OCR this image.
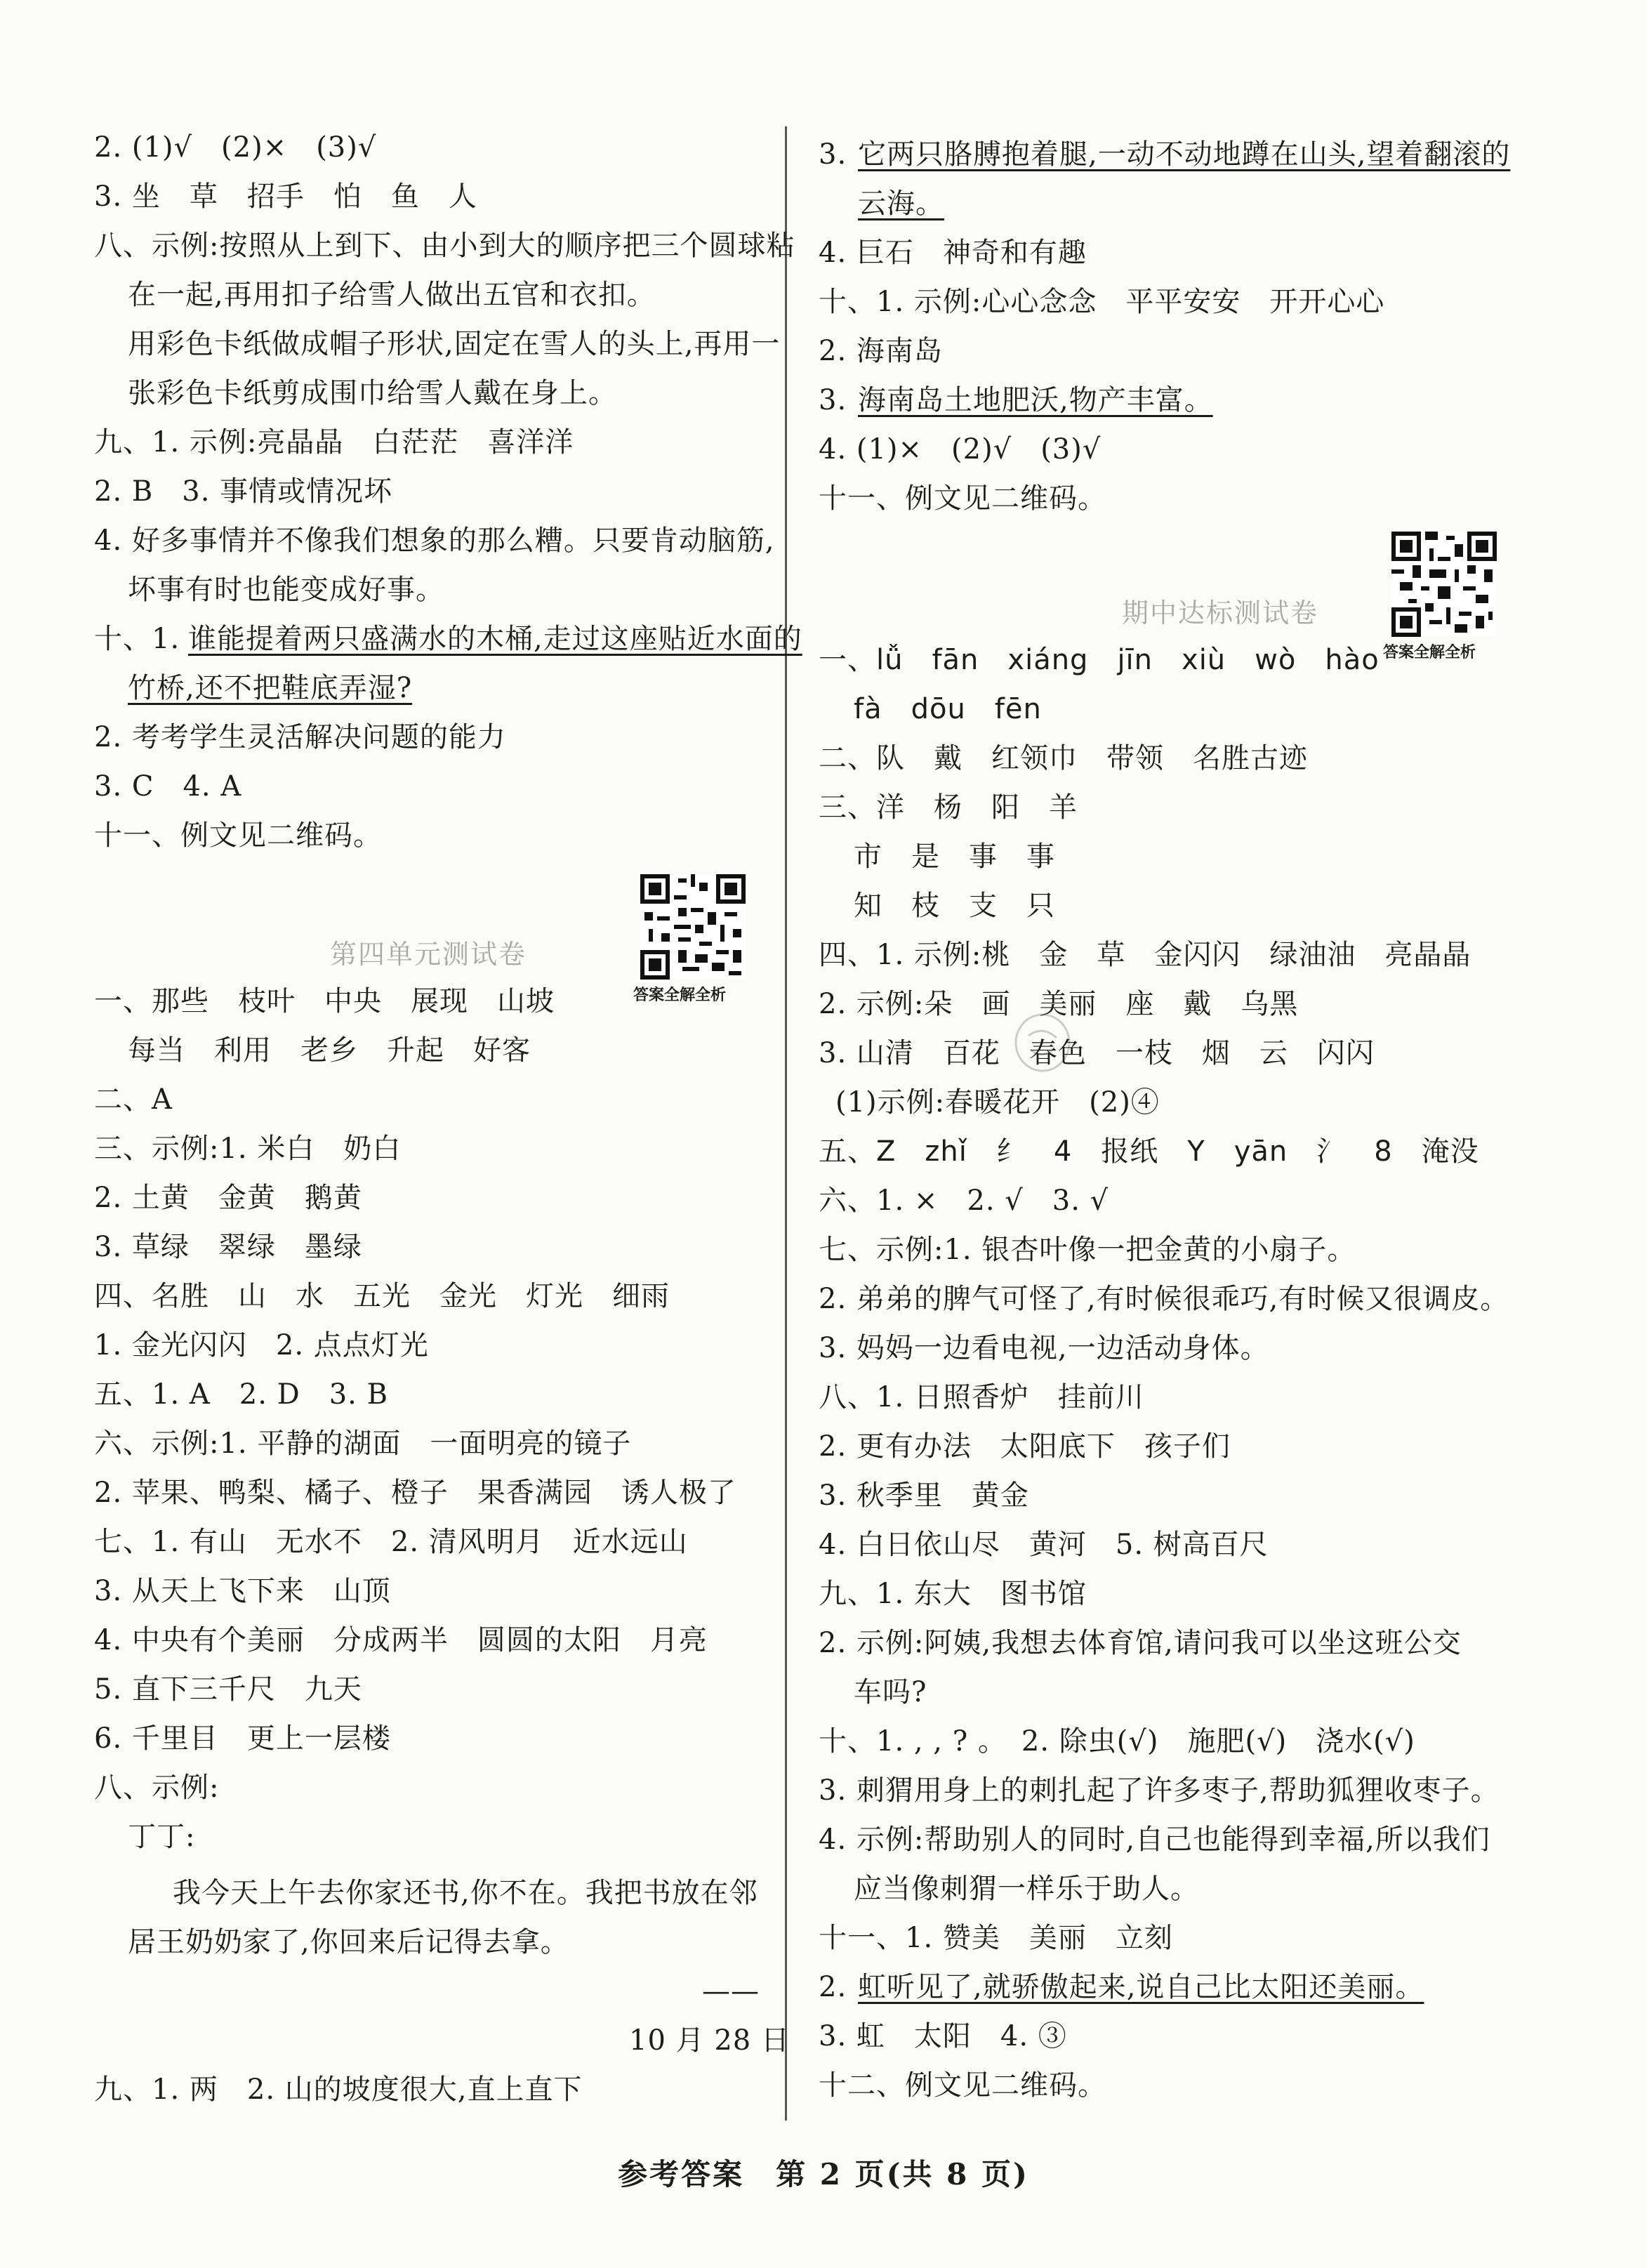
第四单元测试卷
答案全解全析
期中达标测试卷
答案全解全析
参考答案　第 2 页(共 8 页)
2. (1)√　(2)×　(3)√
3. 坐　草　招手　怕　鱼　人
八、示例:按照从上到下、由小到大的顺序把三个圆球粘
在一起,再用扣子给雪人做出五官和衣扣。
用彩色卡纸做成帽子形状,固定在雪人的头上,再用一
张彩色卡纸剪成围巾给雪人戴在身上。
九、1. 示例:亮晶晶　白茫茫　喜洋洋
2. B　3. 事情或情况坏
4. 好多事情并不像我们想象的那么糟。只要肯动脑筋,
坏事有时也能变成好事。
十、1. 谁能提着两只盛满水的木桶,走过这座贴近水面的
竹桥,还不把鞋底弄湿?
2. 考考学生灵活解决问题的能力
3. C　4. A
十一、例文见二维码。
一、那些　枝叶　中央　展现　山坡
每当　利用　老乡　升起　好客
二、A
三、示例:1. 米白　奶白
2. 土黄　金黄　鹅黄
3. 草绿　翠绿　墨绿
四、名胜　山　水　五光　金光　灯光　细雨
1. 金光闪闪　2. 点点灯光
五、1. A　2. D　3. B
六、示例:1. 平静的湖面　一面明亮的镜子
2. 苹果、鸭梨、橘子、橙子　果香满园　诱人极了
七、1. 有山　无水不　2. 清风明月　近水远山
3. 从天上飞下来　山顶
4. 中央有个美丽　分成两半　圆圆的太阳　月亮
5. 直下三千尺　九天
6. 千里目　更上一层楼
八、示例:
丁丁:
我今天上午去你家还书,你不在。我把书放在邻
居王奶奶家了,你回来后记得去拿。
——
10 月 28 日
九、1. 两　2. 山的坡度很大,直上直下
3. 它两只胳膊抱着腿,一动不动地蹲在山头,望着翻滚的
云海。
4. 巨石　神奇和有趣
十、1. 示例:心心念念　平平安安　开开心心
2. 海南岛
3. 海南岛土地肥沃,物产丰富。
4. (1)×　(2)√　(3)√
十一、例文见二维码。
一、lǚ　fān　xiáng　jīn　xiù　wò　hào
fà　dōu　fēn
二、队　戴　红领巾　带领　名胜古迹
三、洋　杨　阳　羊
市　是　事　事
知　枝　支　只
四、1. 示例:桃　金　草　金闪闪　绿油油　亮晶晶
2. 示例:朵　画　美丽　座　戴　乌黑
3. 山清　百花　春色　一枝　烟　云　闪闪
(1)示例:春暖花开　(2)④
五、Z　zhǐ　纟　4　报纸　Y　yān　氵　8　淹没
六、1. ×　2. √　3. √
七、示例:1. 银杏叶像一把金黄的小扇子。
2. 弟弟的脾气可怪了,有时候很乖巧,有时候又很调皮。
3. 妈妈一边看电视,一边活动身体。
八、1. 日照香炉　挂前川
2. 更有办法　太阳底下　孩子们
3. 秋季里　黄金
4. 白日依山尽　黄河　5. 树高百尺
九、1. 东大　图书馆
2. 示例:阿姨,我想去体育馆,请问我可以坐这班公交
车吗?
十、1. , , ? 。　2. 除虫(√)　施肥(√)　浇水(√)
3. 刺猬用身上的刺扎起了许多枣子,帮助狐狸收枣子。
4. 示例:帮助别人的同时,自己也能得到幸福,所以我们
应当像刺猬一样乐于助人。
十一、1. 赞美　美丽　立刻
2. 虹听见了,就骄傲起来,说自己比太阳还美丽。
3. 虹　太阳　4. ③
十二、例文见二维码。
